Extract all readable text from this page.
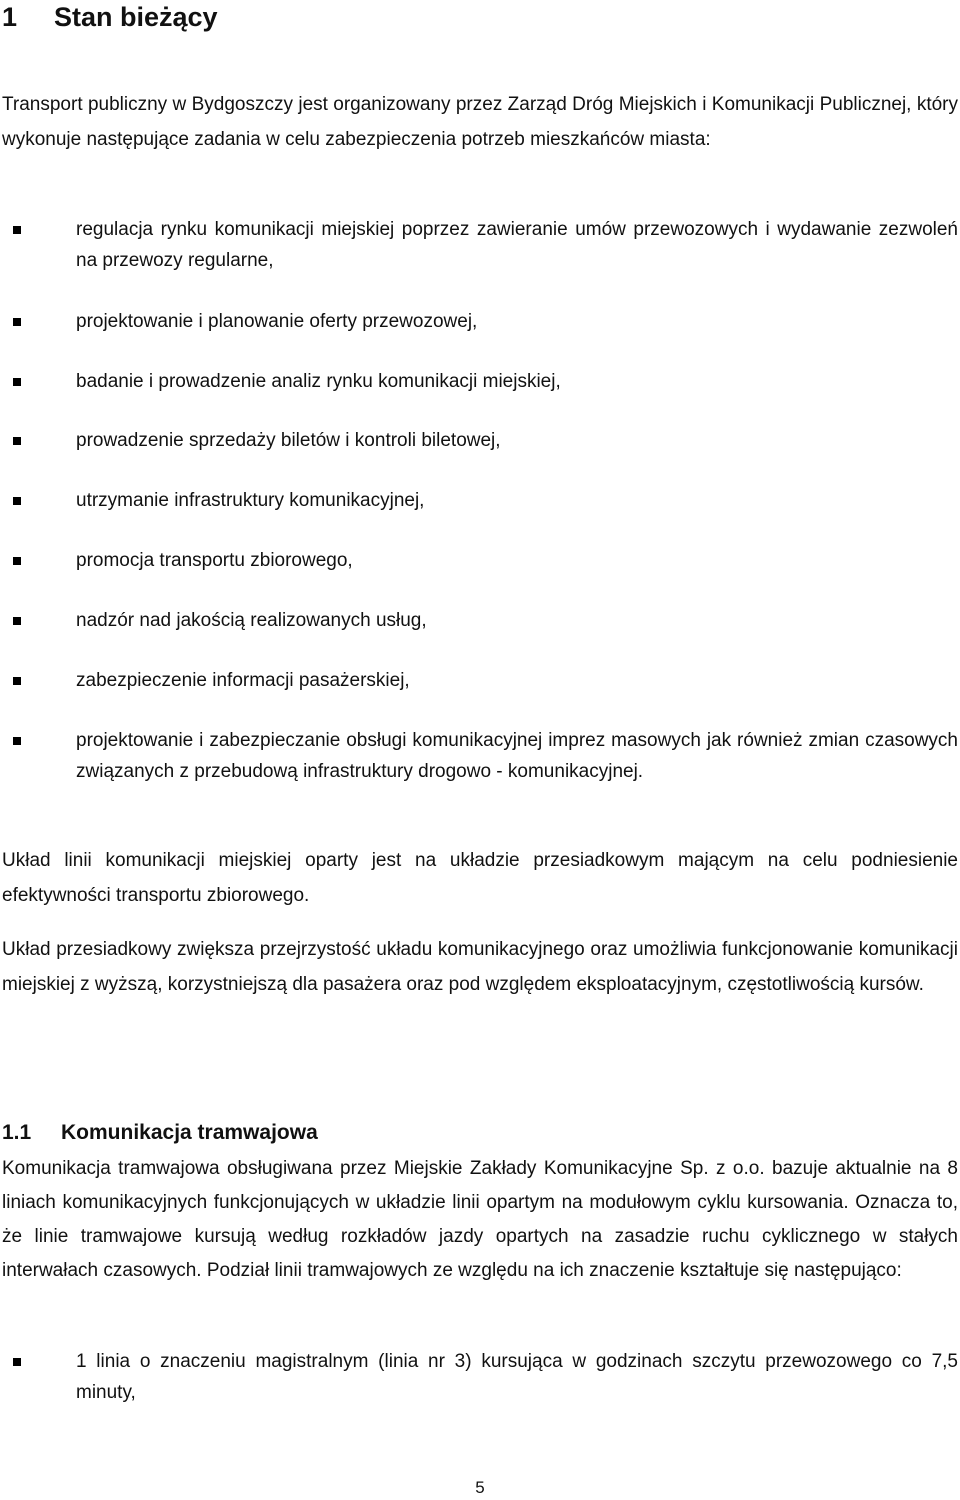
1 Stan bieżący
Transport publiczny w Bydgoszczy jest organizowany przez Zarząd Dróg Miejskich i Komunikacji Publicznej, który wykonuje następujące zadania w celu zabezpieczenia potrzeb mieszkańców miasta:
regulacja rynku komunikacji miejskiej poprzez zawieranie umów przewozowych i wydawanie zezwoleń na przewozy regularne,
projektowanie i planowanie oferty przewozowej,
badanie i prowadzenie analiz rynku komunikacji miejskiej,
prowadzenie sprzedaży biletów i kontroli biletowej,
utrzymanie infrastruktury komunikacyjnej,
promocja transportu zbiorowego,
nadzór nad jakością realizowanych usług,
zabezpieczenie informacji pasażerskiej,
projektowanie i zabezpieczanie obsługi komunikacyjnej imprez masowych jak również zmian czasowych związanych z przebudową infrastruktury drogowo - komunikacyjnej.
Układ linii komunikacji miejskiej oparty jest na układzie przesiadkowym mającym na celu podniesienie efektywności transportu zbiorowego.
Układ przesiadkowy zwiększa przejrzystość układu komunikacyjnego oraz umożliwia funkcjonowanie komunikacji miejskiej z wyższą, korzystniejszą dla pasażera oraz pod względem eksploatacyjnym, częstotliwością kursów.
1.1 Komunikacja tramwajowa
Komunikacja tramwajowa obsługiwana przez Miejskie Zakłady Komunikacyjne Sp. z o.o. bazuje aktualnie na 8 liniach komunikacyjnych funkcjonujących w układzie linii opartym na modułowym cyklu kursowania. Oznacza to, że linie tramwajowe kursują według rozkładów jazdy opartych na zasadzie ruchu cyklicznego w stałych interwałach czasowych. Podział linii tramwajowych ze względu na ich znaczenie kształtuje się następująco:
1 linia o znaczeniu magistralnym (linia nr 3) kursująca w godzinach szczytu przewozowego co 7,5 minuty,
5
